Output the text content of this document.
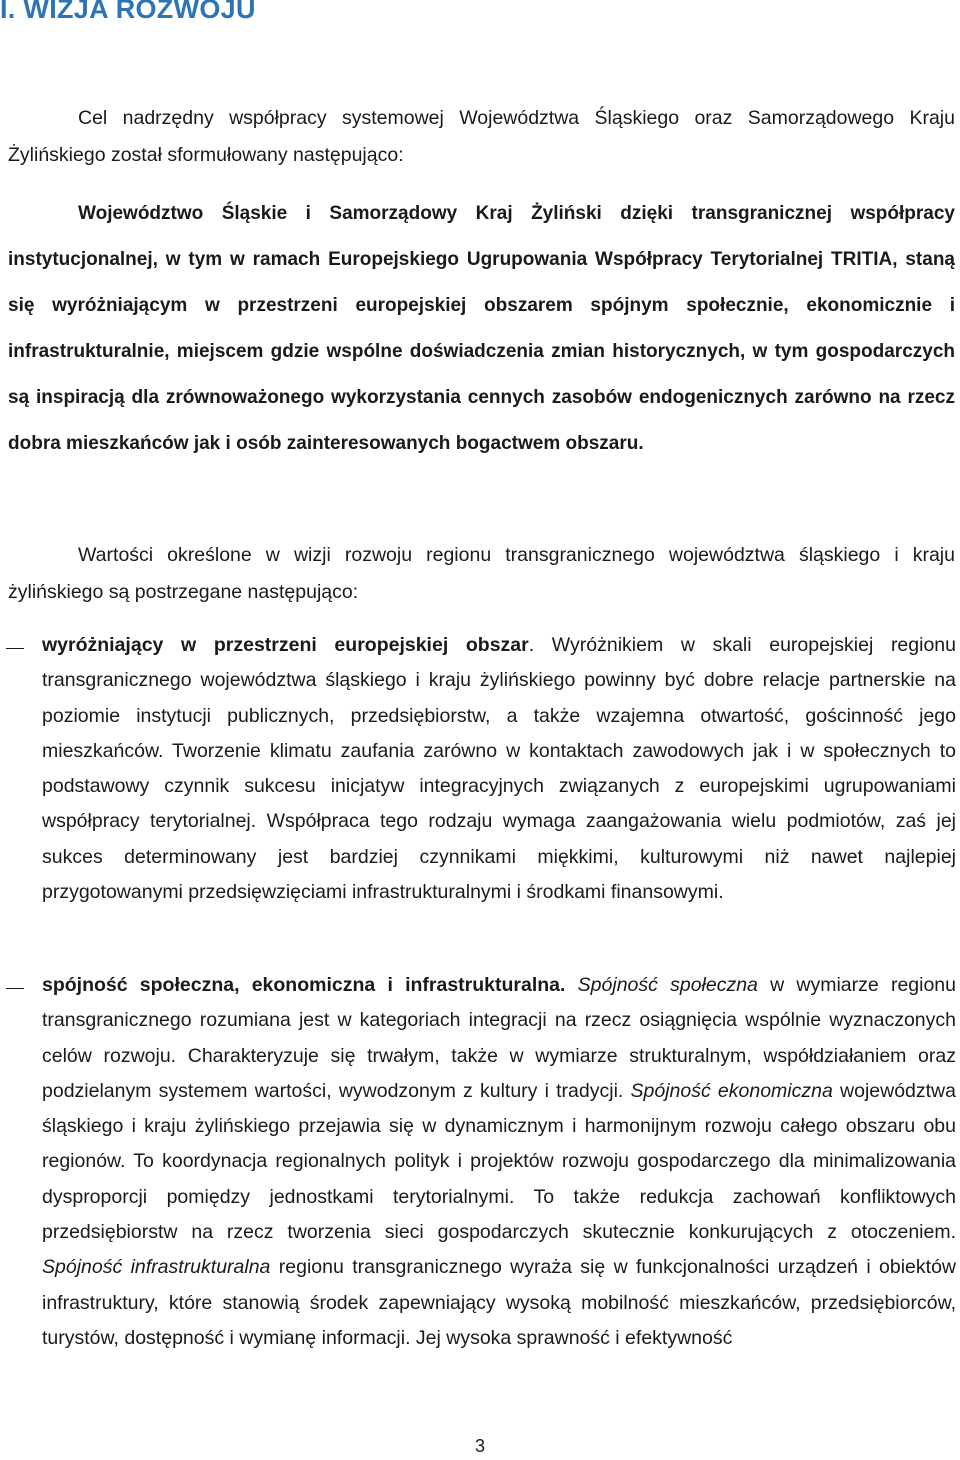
I. WIZJA ROZWOJU

Cel nadrzędny współpracy systemowej Województwa Śląskiego oraz Samorządowego Kraju Żylińskiego został sformułowany następująco:

Województwo Śląskie i Samorządowy Kraj Żyliński dzięki transgranicznej współpracy instytucjonalnej, w tym w ramach Europejskiego Ugrupowania Współpracy Terytorialnej TRITIA, staną się wyróżniającym w przestrzeni europejskiej obszarem spójnym społecznie, ekonomicznie i infrastrukturalnie, miejscem gdzie wspólne doświadczenia zmian historycznych, w tym gospodarczych są inspiracją dla zrównoważonego wykorzystania cennych zasobów endogenicznych zarówno na rzecz dobra mieszkańców jak i osób zainteresowanych bogactwem obszaru.

Wartości określone w wizji rozwoju regionu transgranicznego województwa śląskiego i kraju żylińskiego są postrzegane następująco:

wyróżniający w przestrzeni europejskiej obszar. Wyróżnikiem w skali europejskiej regionu transgranicznego województwa śląskiego i kraju żylińskiego powinny być dobre relacje partnerskie na poziomie instytucji publicznych, przedsiębiorstw, a także wzajemna otwartość, gościnność jego mieszkańców. Tworzenie klimatu zaufania zarówno w kontaktach zawodowych jak i w społecznych to podstawowy czynnik sukcesu inicjatyw integracyjnych związanych z europejskimi ugrupowaniami współpracy terytorialnej. Współpraca tego rodzaju wymaga zaangażowania wielu podmiotów, zaś jej sukces determinowany jest bardziej czynnikami miękkimi, kulturowymi niż nawet najlepiej przygotowanymi przedsięwzięciami infrastrukturalnymi i środkami finansowymi.

spójność społeczna, ekonomiczna i infrastrukturalna. Spójność społeczna w wymiarze regionu transgranicznego rozumiana jest w kategoriach integracji na rzecz osiągnięcia wspólnie wyznaczonych celów rozwoju. Charakteryzuje się trwałym, także w wymiarze strukturalnym, współdziałaniem oraz podzielanym systemem wartości, wywodzonym z kultury i tradycji. Spójność ekonomiczna województwa śląskiego i kraju żylińskiego przejawia się w dynamicznym i harmonijnym rozwoju całego obszaru obu regionów. To koordynacja regionalnych polityk i projektów rozwoju gospodarczego dla minimalizowania dysproporcji pomiędzy jednostkami terytorialnymi. To także redukcja zachowań konfliktowych przedsiębiorstw na rzecz tworzenia sieci gospodarczych skutecznie konkurujących z otoczeniem. Spójność infrastrukturalna regionu transgranicznego wyraża się w funkcjonalności urządzeń i obiektów infrastruktury, które stanowią środek zapewniający wysoką mobilność mieszkańców, przedsiębiorców, turystów, dostępność i wymianę informacji. Jej wysoka sprawność i efektywność

3
